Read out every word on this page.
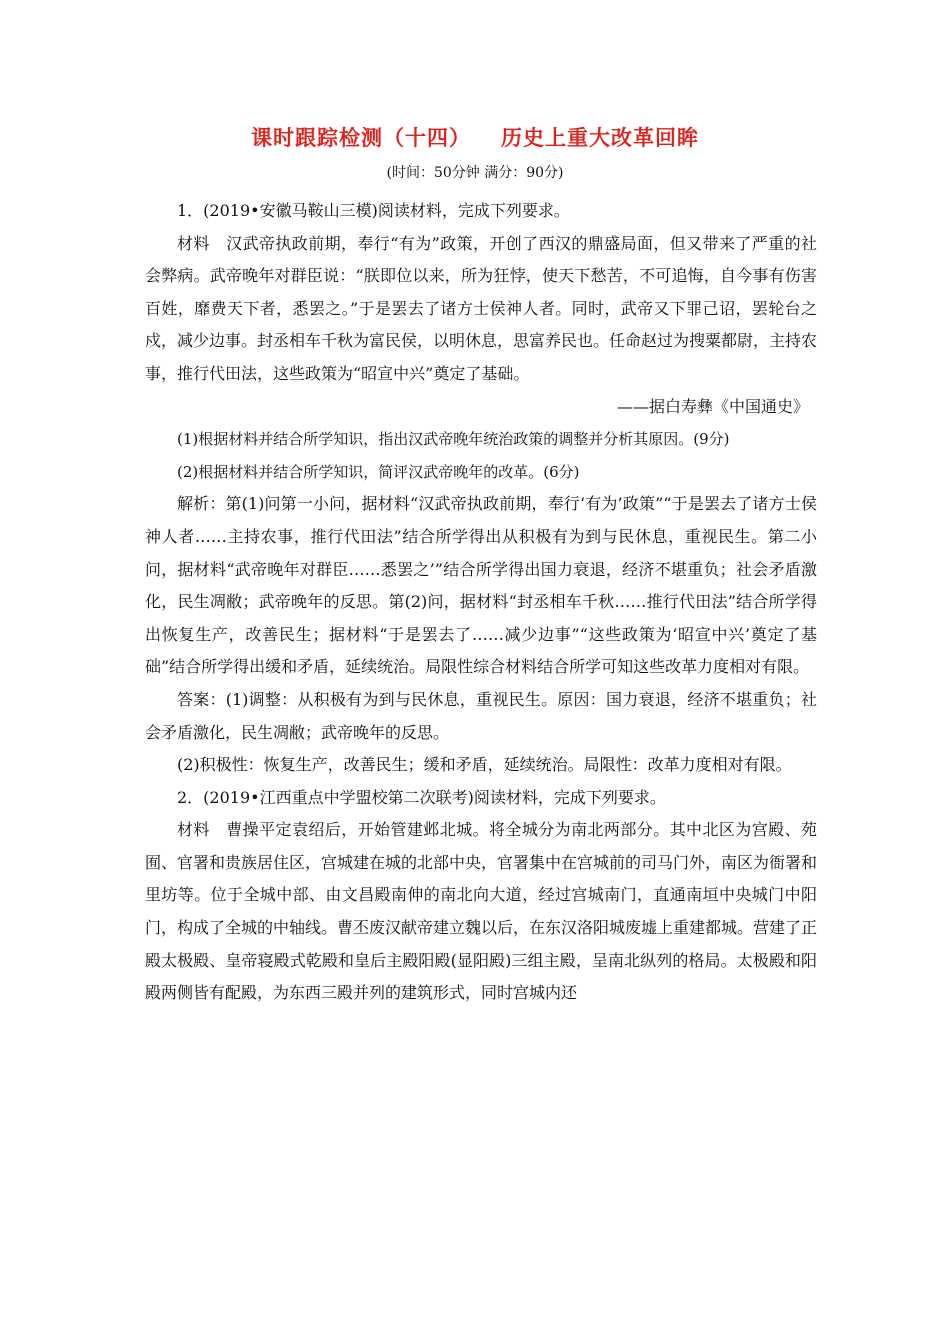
课时跟踪检测（十四） 历史上重大改革回眸
(时间：50分钟 满分：90分)

1．(2019•安徽马鞍山三模)阅读材料，完成下列要求。

材料　汉武帝执政前期，奉行“有为”政策，开创了西汉的鼎盛局面，但又带来了严重的社会弊病。武帝晚年对群臣说：“朕即位以来，所为狂悖，使天下愁苦，不可追悔，自今事有伤害百姓，靡费天下者，悉罢之。”于是罢去了诸方士侯神人者。同时，武帝又下罪己诏，罢轮台之戍，减少边事。封丞相车千秋为富民侯，以明休息，思富养民也。任命赵过为搜粟都尉，主持农事，推行代田法，这些政策为“昭宣中兴”奠定了基础。

——据白寿彝《中国通史》

(1)根据材料并结合所学知识，指出汉武帝晚年统治政策的调整并分析其原因。(9分)

(2)根据材料并结合所学知识，简评汉武帝晚年的改革。(6分)

解析：第(1)问第一小问，据材料“汉武帝执政前期，奉行‘有为’政策”“于是罢去了诸方士侯神人者……主持农事，推行代田法”结合所学得出从积极有为到与民休息，重视民生。第二小问，据材料“武帝晚年对群臣……悉罢之’”结合所学得出国力衰退，经济不堪重负；社会矛盾激化，民生凋敝；武帝晚年的反思。第(2)问，据材料“封丞相车千秋……推行代田法”结合所学得出恢复生产，改善民生；据材料“于是罢去了……减少边事”“这些政策为‘昭宣中兴’奠定了基础”结合所学得出缓和矛盾，延续统治。局限性综合材料结合所学可知这些改革力度相对有限。

答案：(1)调整：从积极有为到与民休息，重视民生。原因：国力衰退，经济不堪重负；社会矛盾激化，民生凋敝；武帝晚年的反思。

(2)积极性：恢复生产，改善民生；缓和矛盾，延续统治。局限性：改革力度相对有限。

2．(2019•江西重点中学盟校第二次联考)阅读材料，完成下列要求。

材料　曹操平定袁绍后，开始管建邺北城。将全城分为南北两部分。其中北区为宫殿、苑囿、官署和贵族居住区，宫城建在城的北部中央，官署集中在宫城前的司马门外，南区为衙署和里坊等。位于全城中部、由文昌殿南伸的南北向大道，经过宫城南门，直通南垣中央城门中阳门，构成了全城的中轴线。曹丕废汉献帝建立魏以后，在东汉洛阳城废墟上重建都城。营建了正殿太极殿、皇帝寝殿式乾殿和皇后主殿阳殿(显阳殿)三组主殿，呈南北纵列的格局。太极殿和阳殿两侧皆有配殿，为东西三殿并列的建筑形式，同时宫城内还
